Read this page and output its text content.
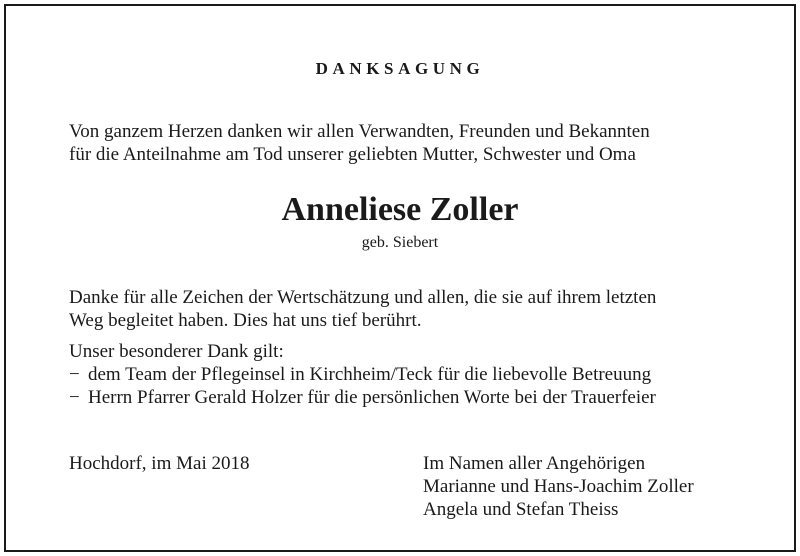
DANKSAGUNG
Von ganzem Herzen danken wir allen Verwandten, Freunden und Bekannten
für die Anteilnahme am Tod unserer geliebten Mutter, Schwester und Oma
Anneliese Zoller
geb. Siebert
Danke für alle Zeichen der Wertschätzung und allen, die sie auf ihrem letzten
Weg begleitet haben. Dies hat uns tief berührt.
Unser besonderer Dank gilt:
− dem Team der Pflegeinsel in Kirchheim/Teck für die liebevolle Betreuung
− Herrn Pfarrer Gerald Holzer für die persönlichen Worte bei der Trauerfeier
Hochdorf, im Mai 2018	Im Namen aller Angehörigen
Marianne und Hans-Joachim Zoller
Angela und Stefan Theiss
